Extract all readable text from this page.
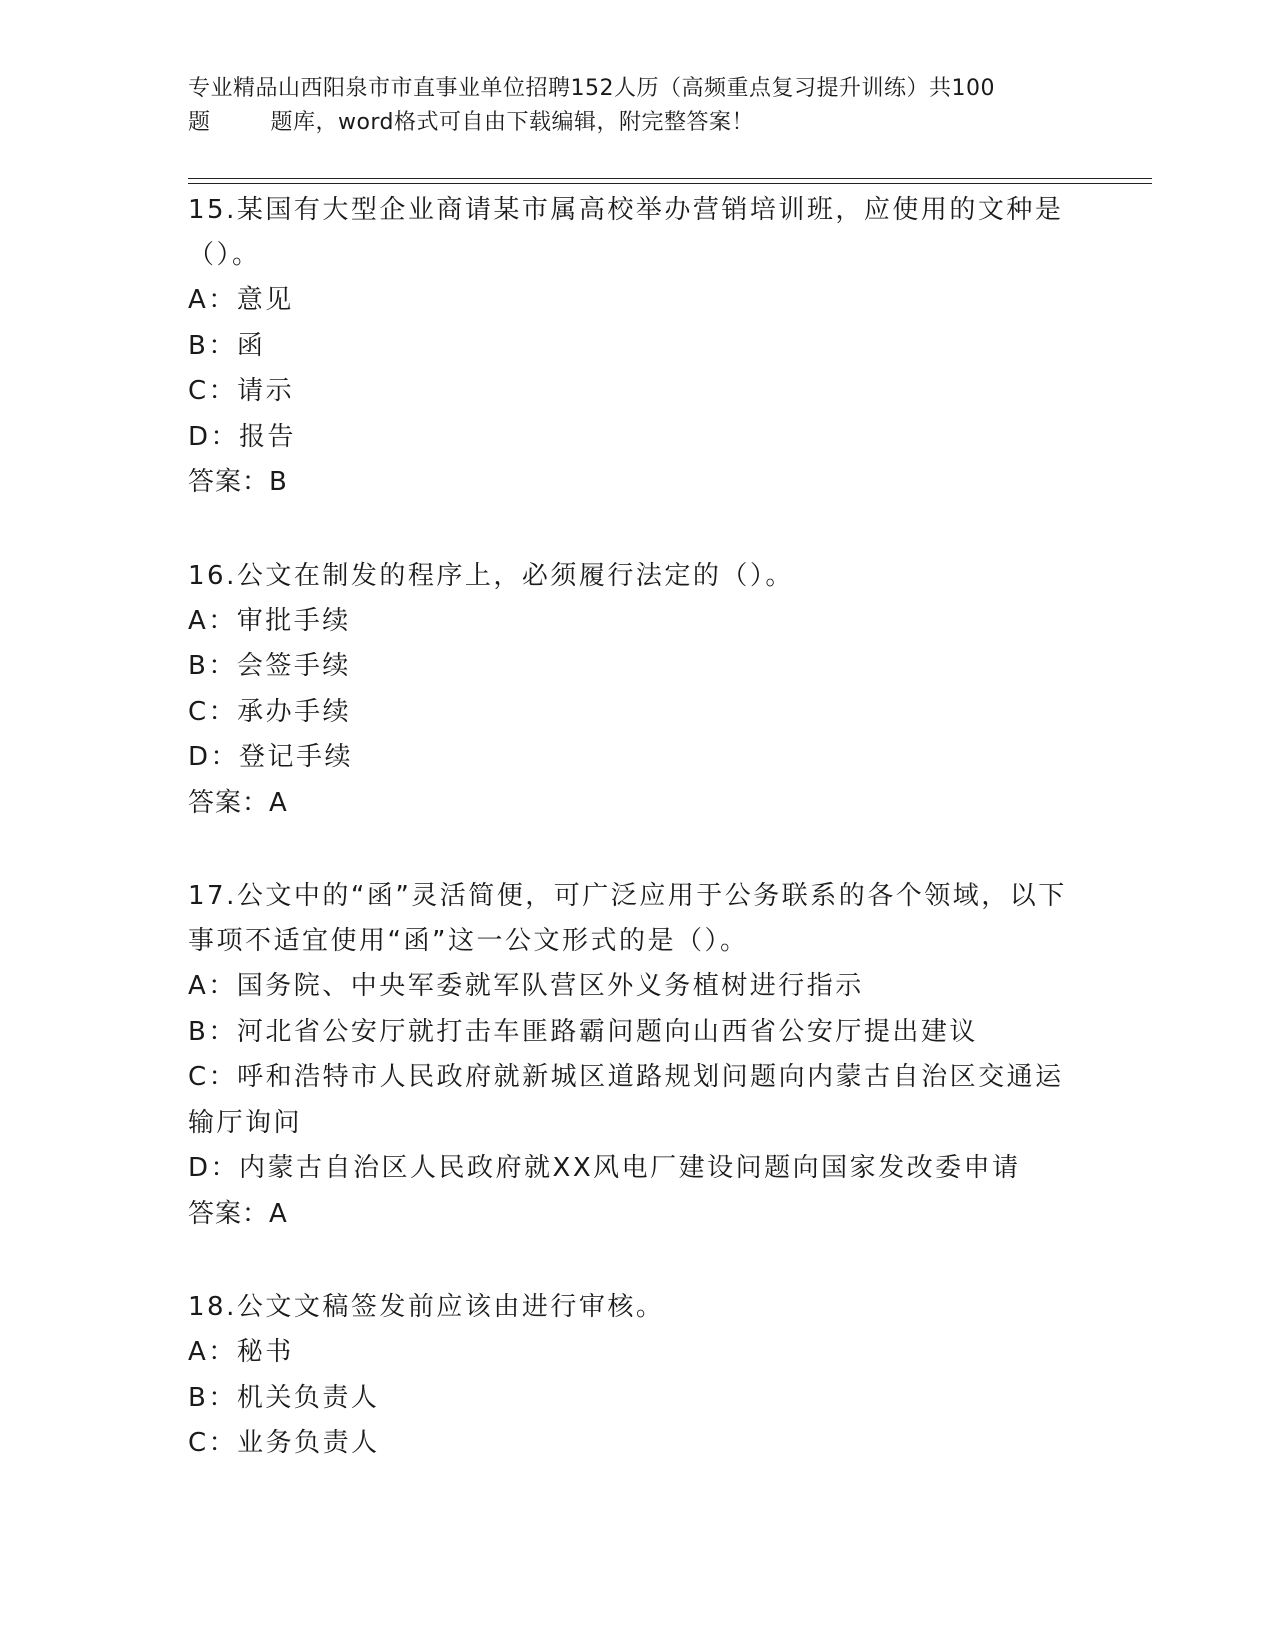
专业精品山西阳泉市市直事业单位招聘152人历（高频重点复习提升训练）共100
题        题库，word格式可自由下载编辑，附完整答案！

15.某国有大型企业商请某市属高校举办营销培训班，应使用的文种是（）。

A：意见

B：函

C：请示

D：报告

答案：B

16.公文在制发的程序上，必须履行法定的（）。

A：审批手续

B：会签手续

C：承办手续

D：登记手续

答案：A

17.公文中的“函”灵活简便，可广泛应用于公务联系的各个领域，以下事项不适宜使用“函”这一公文形式的是（）。

A：国务院、中央军委就军队营区外义务植树进行指示

B：河北省公安厅就打击车匪路霸问题向山西省公安厅提出建议

C：呼和浩特市人民政府就新城区道路规划问题向内蒙古自治区交通运输厅询问

D：内蒙古自治区人民政府就XX风电厂建设问题向国家发改委申请

答案：A

18.公文文稿签发前应该由进行审核。

A：秘书

B：机关负责人

C：业务负责人
